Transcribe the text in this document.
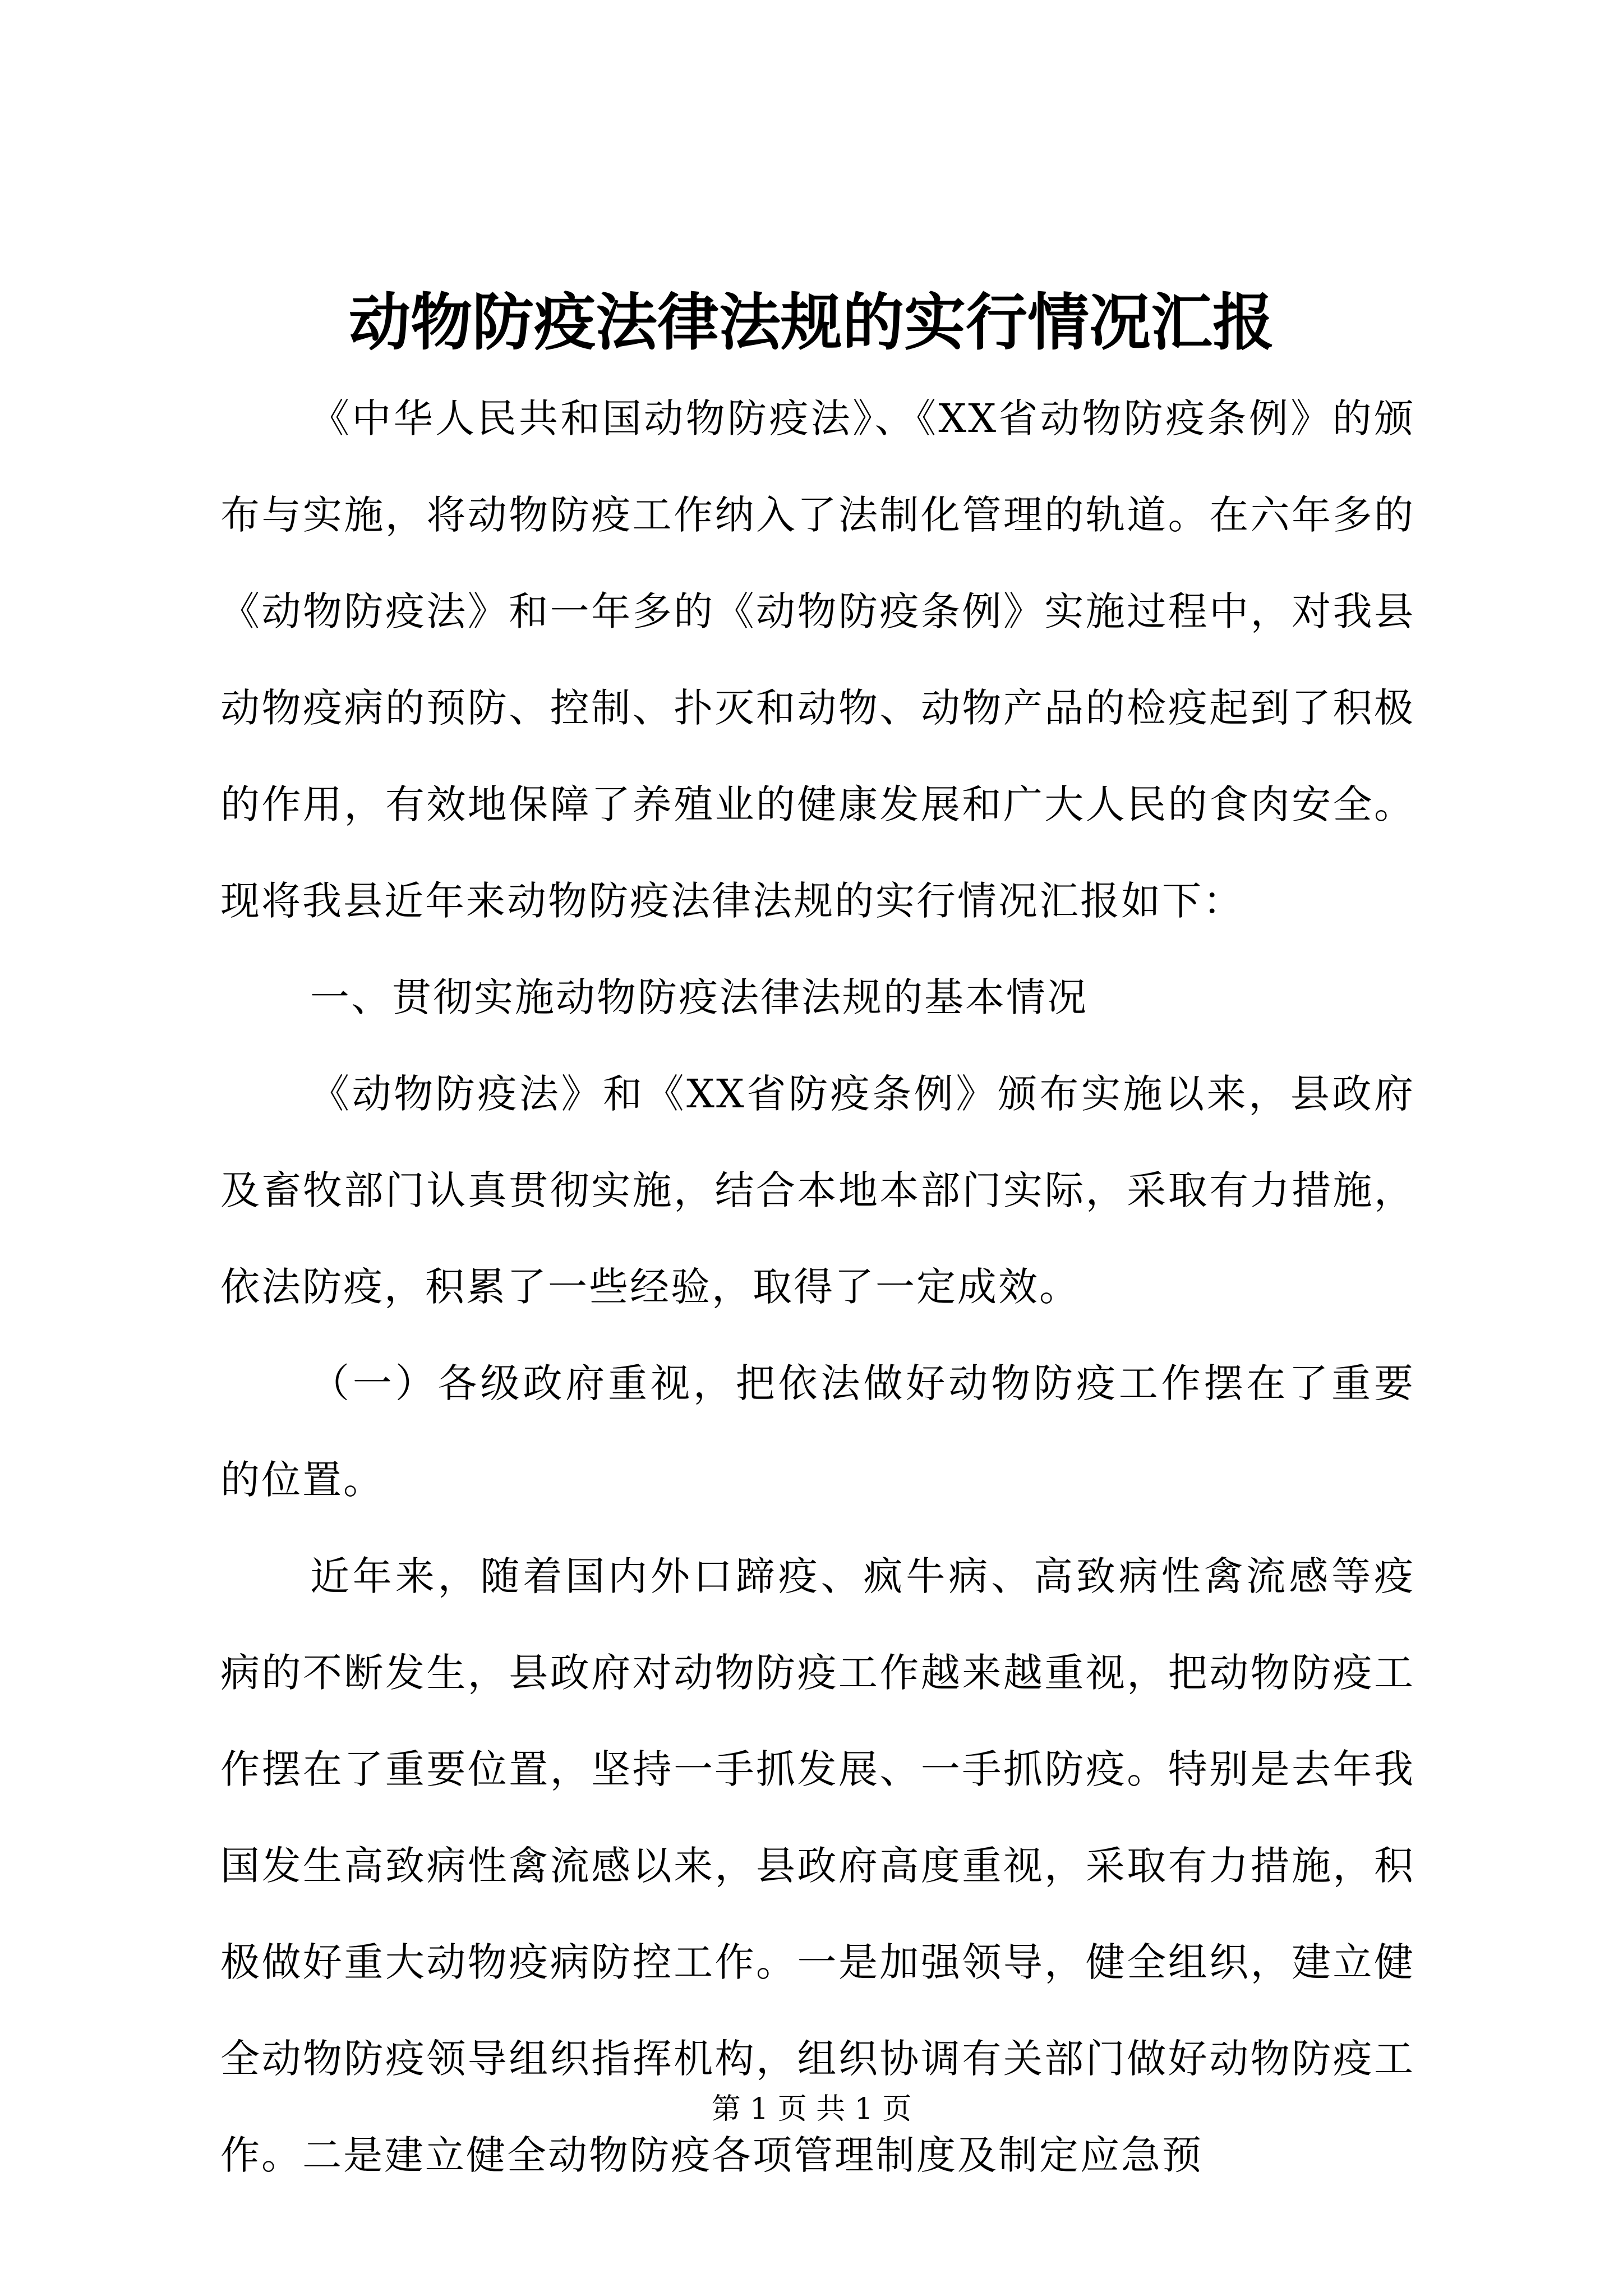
动物防疫法律法规的实行情况汇报

《中华人民共和国动物防疫法》、《XX省动物防疫条例》的颁布与实施，将动物防疫工作纳入了法制化管理的轨道。在六年多的《动物防疫法》和一年多的《动物防疫条例》实施过程中，对我县动物疫病的预防、控制、扑灭和动物、动物产品的检疫起到了积极的作用，有效地保障了养殖业的健康发展和广大人民的食肉安全。现将我县近年来动物防疫法律法规的实行情况汇报如下：

一、贯彻实施动物防疫法律法规的基本情况

《动物防疫法》和《XX省防疫条例》颁布实施以来，县政府及畜牧部门认真贯彻实施，结合本地本部门实际，采取有力措施，依法防疫，积累了一些经验，取得了一定成效。

（一）各级政府重视，把依法做好动物防疫工作摆在了重要的位置。

近年来，随着国内外口蹄疫、疯牛病、高致病性禽流感等疫病的不断发生，县政府对动物防疫工作越来越重视，把动物防疫工作摆在了重要位置，坚持一手抓发展、一手抓防疫。特别是去年我国发生高致病性禽流感以来，县政府高度重视，采取有力措施，积极做好重大动物疫病防控工作。一是加强领导，健全组织，建立健全动物防疫领导组织指挥机构，组织协调有关部门做好动物防疫工作。二是建立健全动物防疫各项管理制度及制定应急预

第 1 页 共 1 页
